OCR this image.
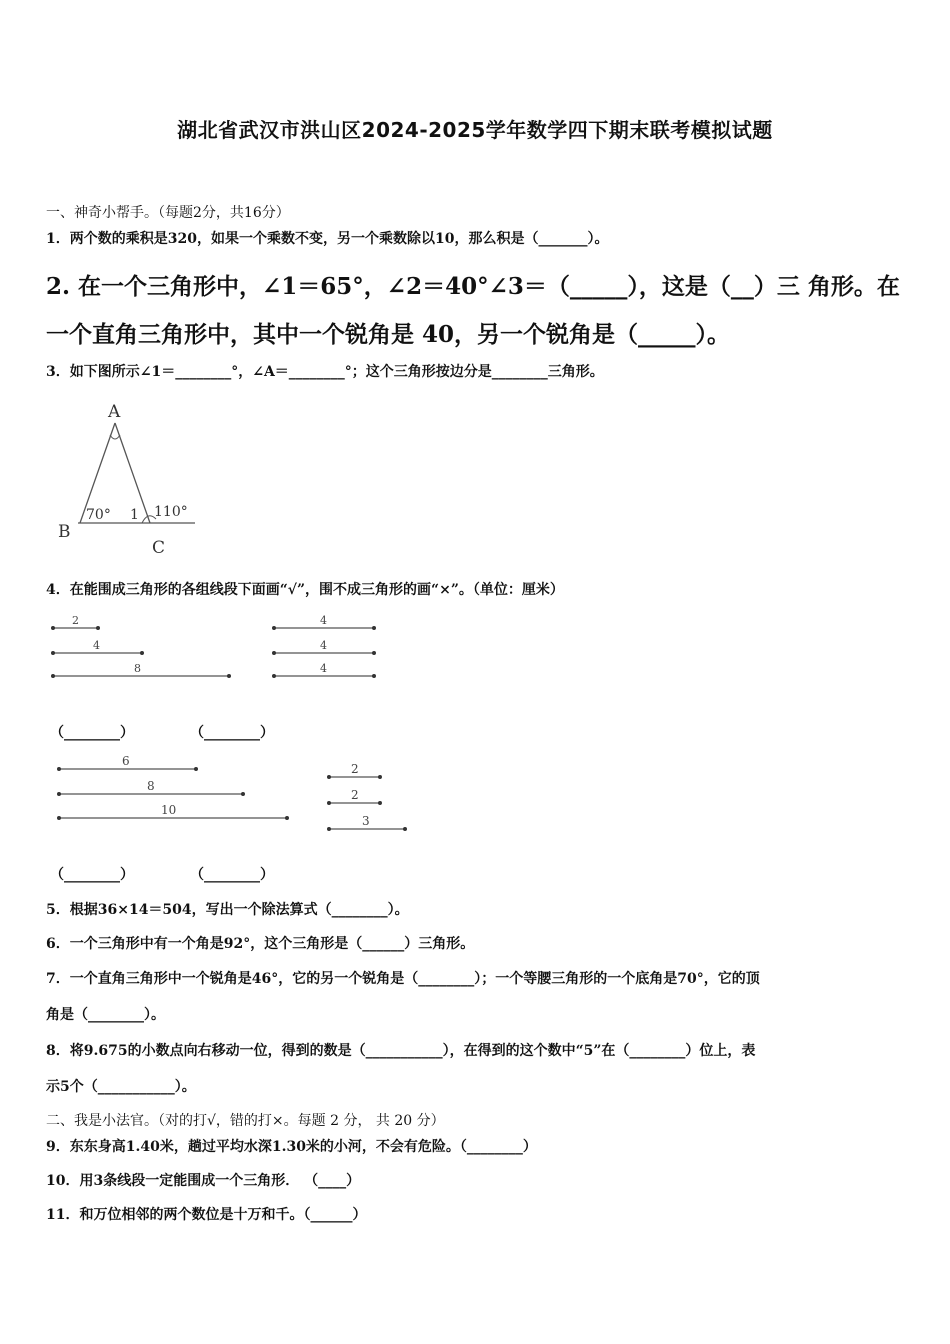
湖北省武汉市洪山区2024-2025学年数学四下期末联考模拟试题
一、神奇小帮手。（每题2分，共16分）
1．两个数的乘积是320，如果一个乘数不变，另一个乘数除以10，那么积是（_______）。
2. 在一个三角形中，∠1＝65°，∠2＝40°∠3＝（_____），这是（__）三 角形。在
一个直角三角形中，其中一个锐角是 40，另一个锐角是（_____）。
3．如下图所示∠1＝________°，∠A＝________°；这个三角形按边分是________三角形。
A
B
C
70° 1 110°
4．在能围成三角形的各组线段下面画“√”，围不成三角形的画“×”。（单位：厘米）
2
4
8
4
4
4
（________）	（________）
6
8
10
2
2
3
（________）	（________）
5．根据36×14＝504，写出一个除法算式（________）。
6．一个三角形中有一个角是92°，这个三角形是（______）三角形。
7．一个直角三角形中一个锐角是46°，它的另一个锐角是（________）；一个等腰三角形的一个底角是70°，它的顶
角是（________）。
8．将9.675的小数点向右移动一位，得到的数是（___________），在得到的这个数中“5”在（________）位上，表
示5个（___________）。
二、我是小法官。（对的打√，错的打×。每题 2 分， 共 20 分）
9．东东身高1.40米，趟过平均水深1.30米的小河，不会有危险。（________）
10．用3条线段一定能围成一个三角形． （____）
11．和万位相邻的两个数位是十万和千。（______）
